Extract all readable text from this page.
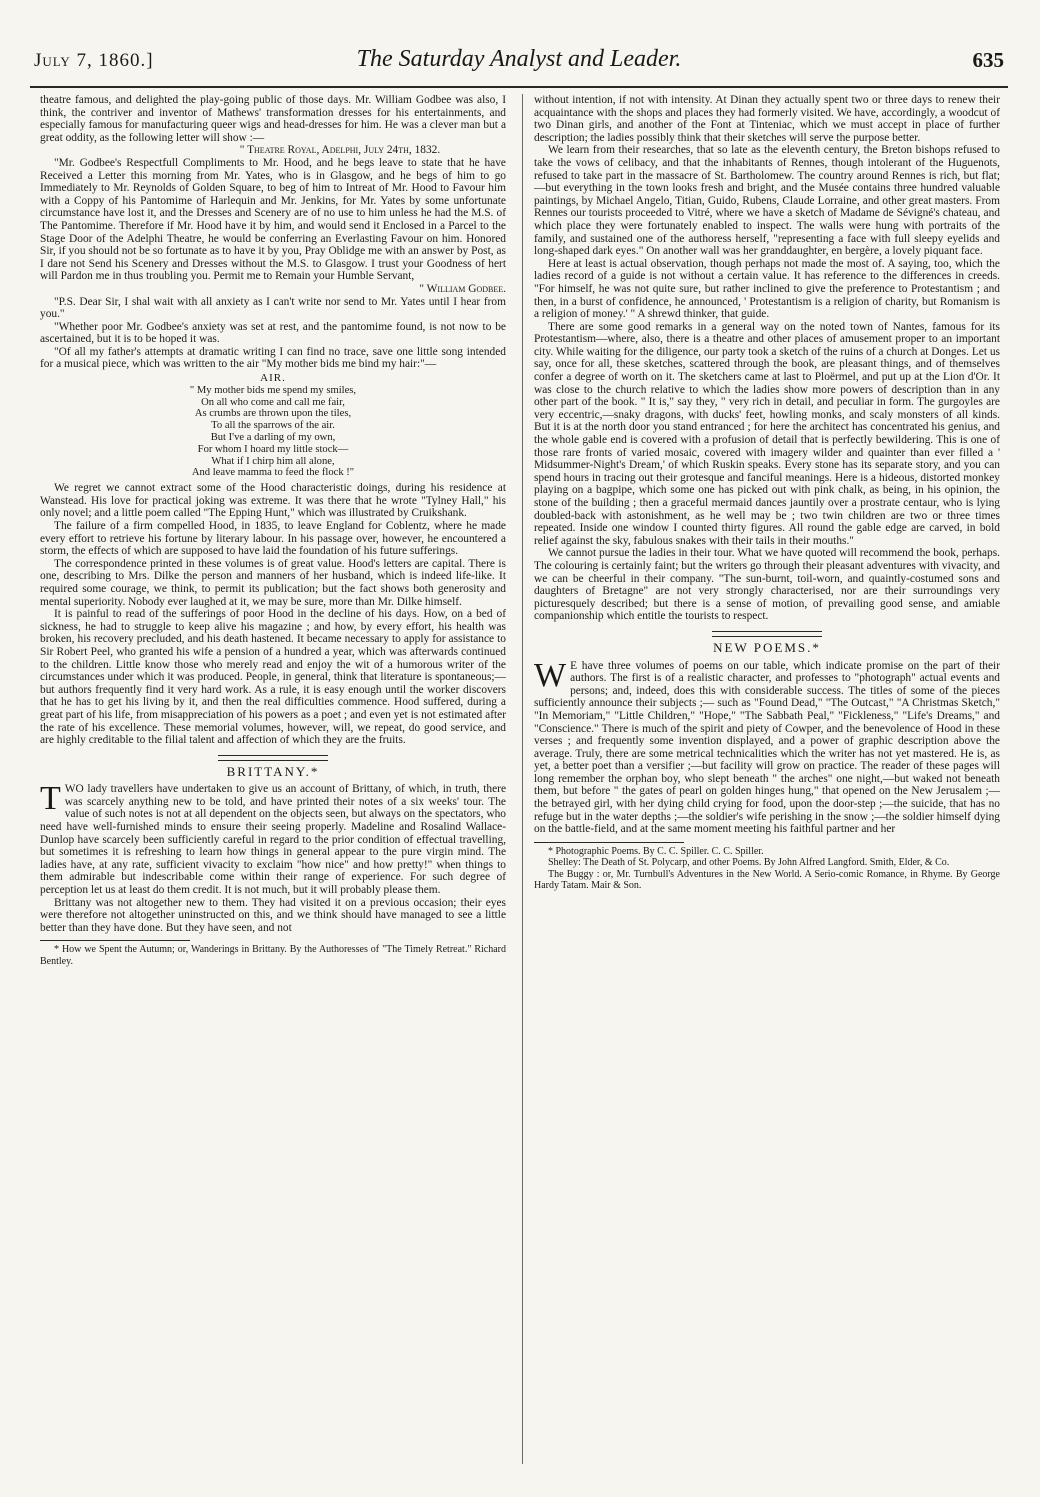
July 7, 1860.]	The Saturday Analyst and Leader.	635

theatre famous, and delighted the play-going public of those days. Mr. William Godbee was also, I think, the contriver and inventor of Mathews' transformation dresses for his entertainments, and especially famous for manufacturing queer wigs and head-dresses for him. He was a clever man but a great oddity, as the following letter will show :—

" Theatre Royal, Adelphi, July 24th, 1832.

"Mr. Godbee's Respectfull Compliments to Mr. Hood, and he begs leave to state that he have Received a Letter this morning from Mr. Yates, who is in Glasgow, and he begs of him to go Immediately to Mr. Reynolds of Golden Square, to beg of him to Intreat of Mr. Hood to Favour him with a Coppy of his Pantomime of Harlequin and Mr. Jenkins, for Mr. Yates by some unfortunate circumstance have lost it, and the Dresses and Scenery are of no use to him unless he had the M.S. of The Pantomime. Therefore if Mr. Hood have it by him, and would send it Enclosed in a Parcel to the Stage Door of the Adelphi Theatre, he would be conferring an Everlasting Favour on him. Honored Sir, if you should not be so fortunate as to have it by you, Pray Oblidge me with an answer by Post, as I dare not Send his Scenery and Dresses without the M.S. to Glasgow. I trust your Goodness of hert will Pardon me in thus troubling you. Permit me to Remain your Humble Servant,

" William Godbee.

"P.S. Dear Sir, I shal wait with all anxiety as I can't write nor send to Mr. Yates until I hear from you."

"Whether poor Mr. Godbee's anxiety was set at rest, and the pantomime found, is not now to be ascertained, but it is to be hoped it was.

"Of all my father's attempts at dramatic writing I can find no trace, save one little song intended for a musical piece, which was written to the air "My mother bids me bind my hair:"—

AIR.
" My mother bids me spend my smiles,
On all who come and call me fair,
As crumbs are thrown upon the tiles,
To all the sparrows of the air.
But I've a darling of my own,
For whom I hoard my little stock—
What if I chirp him all alone,
And leave mamma to feed the flock !"

We regret we cannot extract some of the Hood characteristic doings, during his residence at Wanstead. His love for practical joking was extreme. It was there that he wrote "Tylney Hall," his only novel; and a little poem called "The Epping Hunt," which was illustrated by Cruikshank.

The failure of a firm compelled Hood, in 1835, to leave England for Coblentz, where he made every effort to retrieve his fortune by literary labour. In his passage over, however, he encountered a storm, the effects of which are supposed to have laid the foundation of his future sufferings.

The correspondence printed in these volumes is of great value. Hood's letters are capital. There is one, describing to Mrs. Dilke the person and manners of her husband, which is indeed life-like. It required some courage, we think, to permit its publication; but the fact shows both generosity and mental superiority. Nobody ever laughed at it, we may be sure, more than Mr. Dilke himself.

It is painful to read of the sufferings of poor Hood in the decline of his days. How, on a bed of sickness, he had to struggle to keep alive his magazine ; and how, by every effort, his health was broken, his recovery precluded, and his death hastened. It became necessary to apply for assistance to Sir Robert Peel, who granted his wife a pension of a hundred a year, which was afterwards continued to the children. Little know those who merely read and enjoy the wit of a humorous writer of the circumstances under which it was produced. People, in general, think that literature is spontaneous;— but authors frequently find it very hard work. As a rule, it is easy enough until the worker discovers that he has to get his living by it, and then the real difficulties commence. Hood suffered, during a great part of his life, from misappreciation of his powers as a poet ; and even yet is not estimated after the rate of his excellence. These memorial volumes, however, will, we repeat, do good service, and are highly creditable to the filial talent and affection of which they are the fruits.

BRITTANY.*

TWO lady travellers have undertaken to give us an account of Brittany, of which, in truth, there was scarcely anything new to be told, and have printed their notes of a six weeks' tour. The value of such notes is not at all dependent on the objects seen, but always on the spectators, who need have well-furnished minds to ensure their seeing properly. Madeline and Rosalind Wallace-Dunlop have scarcely been sufficiently careful in regard to the prior condition of effectual travelling, but sometimes it is refreshing to learn how things in general appear to the pure virgin mind. The ladies have, at any rate, sufficient vivacity to exclaim "how nice" and how pretty!" when things to them admirable but indescribable come within their range of experience. For such degree of perception let us at least do them credit. It is not much, but it will probably please them.

Brittany was not altogether new to them. They had visited it on a previous occasion; their eyes were therefore not altogether uninstructed on this, and we think should have managed to see a little better than they have done. But they have seen, and not

* How we Spent the Autumn; or, Wanderings in Brittany. By the Authoresses of "The Timely Retreat." Richard Bentley.

without intention, if not with intensity. At Dinan they actually spent two or three days to renew their acquaintance with the shops and places they had formerly visited. We have, accordingly, a woodcut of two Dinan girls, and another of the Font at Tinteniac, which we must accept in place of further description; the ladies possibly think that their sketches will serve the purpose better.

We learn from their researches, that so late as the eleventh century, the Breton bishops refused to take the vows of celibacy, and that the inhabitants of Rennes, though intolerant of the Huguenots, refused to take part in the massacre of St. Bartholomew. The country around Rennes is rich, but flat;—but everything in the town looks fresh and bright, and the Musée contains three hundred valuable paintings, by Michael Angelo, Titian, Guido, Rubens, Claude Lorraine, and other great masters. From Rennes our tourists proceeded to Vitré, where we have a sketch of Madame de Sévigné's chateau, and which place they were fortunately enabled to inspect. The walls were hung with portraits of the family, and sustained one of the authoress herself, "representing a face with full sleepy eyelids and long-shaped dark eyes." On another wall was her granddaughter, en bergère, a lovely piquant face.

Here at least is actual observation, though perhaps not made the most of. A saying, too, which the ladies record of a guide is not without a certain value. It has reference to the differences in creeds. "For himself, he was not quite sure, but rather inclined to give the preference to Protestantism ; and then, in a burst of confidence, he announced, ' Protestantism is a religion of charity, but Romanism is a religion of money.' " A shrewd thinker, that guide.

There are some good remarks in a general way on the noted town of Nantes, famous for its Protestantism—where, also, there is a theatre and other places of amusement proper to an important city. While waiting for the diligence, our party took a sketch of the ruins of a church at Donges. Let us say, once for all, these sketches, scattered through the book, are pleasant things, and of themselves confer a degree of worth on it. The sketchers came at last to Ploërmel, and put up at the Lion d'Or. It was close to the church relative to which the ladies show more powers of description than in any other part of the book. " It is," say they, " very rich in detail, and peculiar in form. The gurgoyles are very eccentric,—snaky dragons, with ducks' feet, howling monks, and scaly monsters of all kinds. But it is at the north door you stand entranced ; for here the architect has concentrated his genius, and the whole gable end is covered with a profusion of detail that is perfectly bewildering. This is one of those rare fronts of varied mosaic, covered with imagery wilder and quainter than ever filled a ' Midsummer-Night's Dream,' of which Ruskin speaks. Every stone has its separate story, and you can spend hours in tracing out their grotesque and fanciful meanings. Here is a hideous, distorted monkey playing on a bagpipe, which some one has picked out with pink chalk, as being, in his opinion, the stone of the building ; then a graceful mermaid dances jauntily over a prostrate centaur, who is lying doubled-back with astonishment, as he well may be ; two twin children are two or three times repeated. Inside one window I counted thirty figures. All round the gable edge are carved, in bold relief against the sky, fabulous snakes with their tails in their mouths."

We cannot pursue the ladies in their tour. What we have quoted will recommend the book, perhaps. The colouring is certainly faint; but the writers go through their pleasant adventures with vivacity, and we can be cheerful in their company. "The sun-burnt, toil-worn, and quaintly-costumed sons and daughters of Bretagne" are not very strongly characterised, nor are their surroundings very picturesquely described; but there is a sense of motion, of prevailing good sense, and amiable companionship which entitle the tourists to respect.

NEW POEMS.*

W E have three volumes of poems on our table, which indicate promise on the part of their authors. The first is of a realistic character, and professes to "photograph" actual events and persons; and, indeed, does this with considerable success. The titles of some of the pieces sufficiently announce their subjects ;— such as "Found Dead," "The Outcast," "A Christmas Sketch," "In Memoriam," "Little Children," "Hope," "The Sabbath Peal," "Fickleness," "Life's Dreams," and "Conscience." There is much of the spirit and piety of Cowper, and the benevolence of Hood in these verses ; and frequently some invention displayed, and a power of graphic description above the average. Truly, there are some metrical technicalities which the writer has not yet mastered. He is, as yet, a better poet than a versifier ;—but facility will grow on practice. The reader of these pages will long remember the orphan boy, who slept beneath " the arches" one night,—but waked not beneath them, but before " the gates of pearl on golden hinges hung," that opened on the New Jerusalem ;—the betrayed girl, with her dying child crying for food, upon the door-step ;—the suicide, that has no refuge but in the water depths ;—the soldier's wife perishing in the snow ;—the soldier himself dying on the battle-field, and at the same moment meeting his faithful partner and her

* Photographic Poems. By C. C. Spiller. C. C. Spiller.

Shelley: The Death of St. Polycarp, and other Poems. By John Alfred Langford. Smith, Elder, & Co.

The Buggy : or, Mr. Turnbull's Adventures in the New World. A Serio-comic Romance, in Rhyme. By George Hardy Tatam. Mair & Son.
